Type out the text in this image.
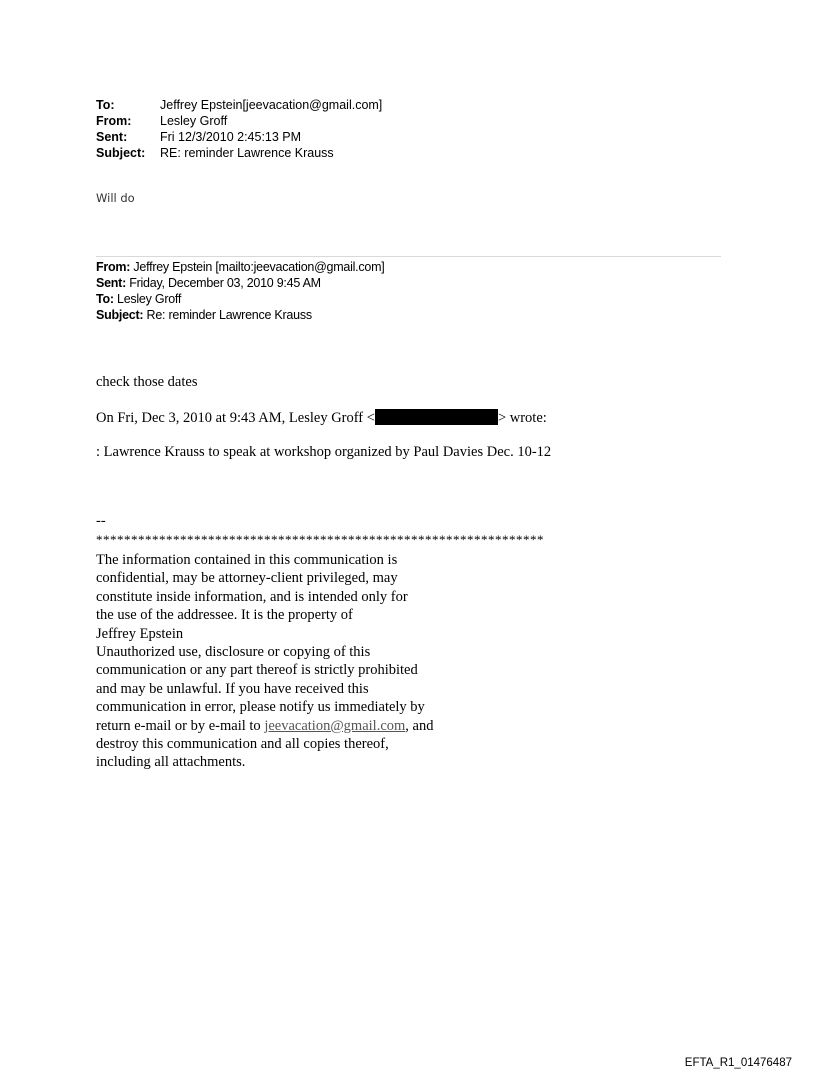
To:	Jeffrey Epstein[jeevacation@gmail.com]
From:	Lesley Groff
Sent:	Fri 12/3/2010 2:45:13 PM
Subject:	RE: reminder Lawrence Krauss
Will do
From: Jeffrey Epstein [mailto:jeevacation@gmail.com]
Sent: Friday, December 03, 2010 9:45 AM
To: Lesley Groff
Subject: Re: reminder Lawrence Krauss
check those dates
On Fri, Dec 3, 2010 at 9:43 AM, Lesley Groff <	> wrote:
: Lawrence Krauss to speak at workshop organized by Paul Davies Dec. 10-12
--
****************************************************************
The information contained in this communication is
confidential, may be attorney-client privileged, may
constitute inside information, and is intended only for
the use of the addressee. It is the property of
Jeffrey Epstein
Unauthorized use, disclosure or copying of this
communication or any part thereof is strictly prohibited
and may be unlawful. If you have received this
communication in error, please notify us immediately by
return e-mail or by e-mail to jeevacation@gmail.com, and
destroy this communication and all copies thereof,
including all attachments.
EFTA_R1_01476487
